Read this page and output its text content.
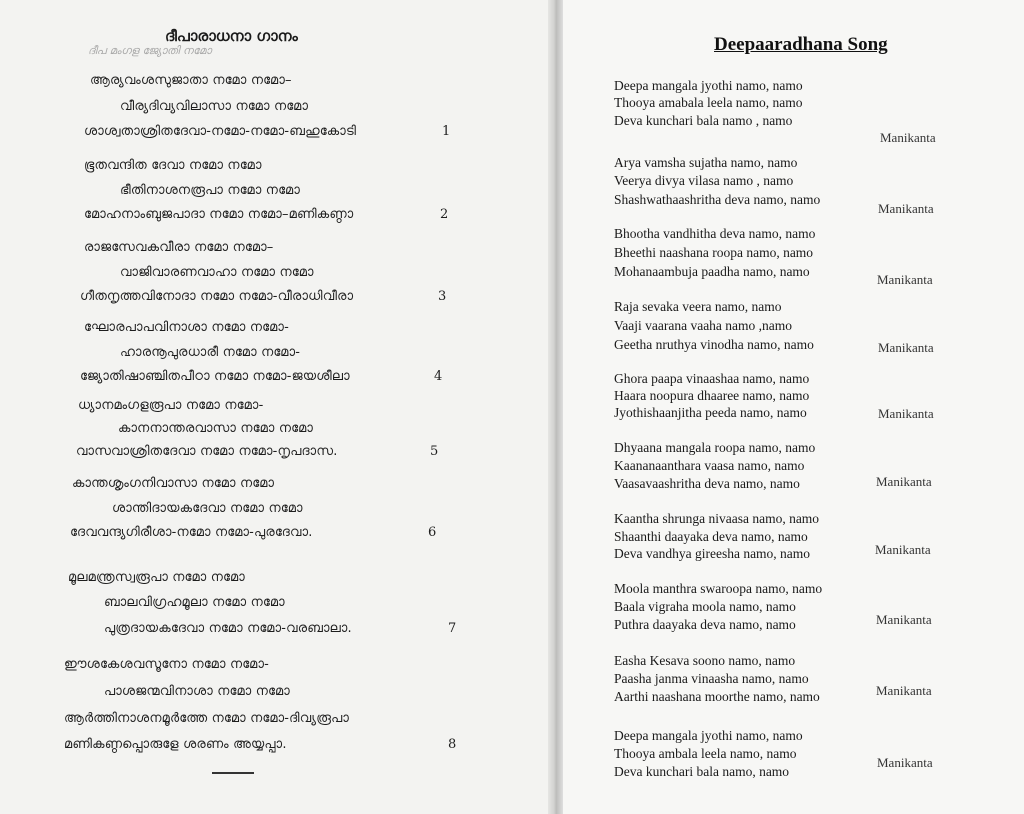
ദീപാരാധനാ ഗാനം
ദീപ മംഗള ജ്യോതി നമോ
ആര്യവംശസുജാതാ നമോ നമോ–
വീര്യദിവ്യവിലാസാ നമോ നമോ
ശാശ്വതാശ്രിതദേവാ-നമോ-നമോ-ബഹുകോടി	1
ഭൂതവന്ദിത ദേവാ നമോ നമോ
ഭീതിനാശനരൂപാ നമോ നമോ
മോഹനാംബുജപാദാ നമോ നമോ–മണികണ്ഠാ	2
രാജസേവകവീരാ നമോ നമോ–
വാജിവാരണവാഹാ നമോ നമോ
ഗീതനൃത്തവിനോദാ നമോ നമോ-വീരാധിവീരാ	3
ഘോരപാപവിനാശാ നമോ നമോ-
ഹാരനൂപുരധാരീ നമോ നമോ-
ജ്യോതിഷാഞ്ചിതപീഠാ നമോ നമോ-ജയശീലാ	4
ധ്യാനമംഗളരൂപാ നമോ നമോ-
കാനനാന്തരവാസാ നമോ നമോ
വാസവാശ്രിതദേവാ നമോ നമോ-നൃപദാസ.	5
കാന്തശൃംഗനിവാസാ നമോ നമോ
ശാന്തിദായകദേവാ നമോ നമോ
ദേവവന്ദ്യഗിരീശാ-നമോ നമോ-പുരദേവാ.	6
മൂലമന്ത്രസ്വരൂപാ നമോ നമോ
ബാലവിഗ്രഹമൂലാ നമോ നമോ
പുത്രദായകദേവാ നമോ നമോ-വരബാലാ.	7
ഈശകേശവസൂനോ നമോ നമോ-
പാശജന്മവിനാശാ നമോ നമോ
ആർത്തിനാശനമൂർത്തേ നമോ നമോ-ദിവ്യരൂപാ
മണികണ്ഠപ്പൊരുളേ ശരണം അയ്യപ്പാ.	8
Deepaaradhana Song
Deepa mangala jyothi namo, namo
Thooya amabala leela namo, namo
Deva kunchari bala namo , namo
Manikanta
Arya vamsha sujatha namo, namo
Veerya divya vilasa namo , namo
Shashwathaashritha deva namo, namo
Manikanta
Bhootha vandhitha deva namo, namo
Bheethi naashana roopa namo, namo
Mohanaambuja paadha namo, namo
Manikanta
Raja sevaka veera namo, namo
Vaaji vaarana vaaha namo ,namo
Geetha nruthya vinodha namo, namo	Manikanta
Ghora paapa vinaashaa namo, namo
Haara noopura dhaaree namo, namo
Jyothishaanjitha peeda namo, namo	Manikanta
Dhyaana mangala roopa namo, namo
Kaananaanthara vaasa namo, namo
Vaasavaashritha deva namo, namo	Manikanta
Kaantha shrunga nivaasa namo, namo
Shaanthi daayaka deva namo, namo
Deva vandhya gireesha namo, namo	Manikanta
Moola manthra swaroopa namo, namo
Baala vigraha moola namo, namo
Puthra daayaka deva namo, namo	Manikanta
Easha Kesava soono namo, namo
Paasha janma vinaasha namo, namo
Aarthi naashana moorthe namo, namo	Manikanta
Deepa mangala jyothi namo, namo
Thooya ambala leela namo, namo
Deva kunchari bala namo, namo
Manikanta
